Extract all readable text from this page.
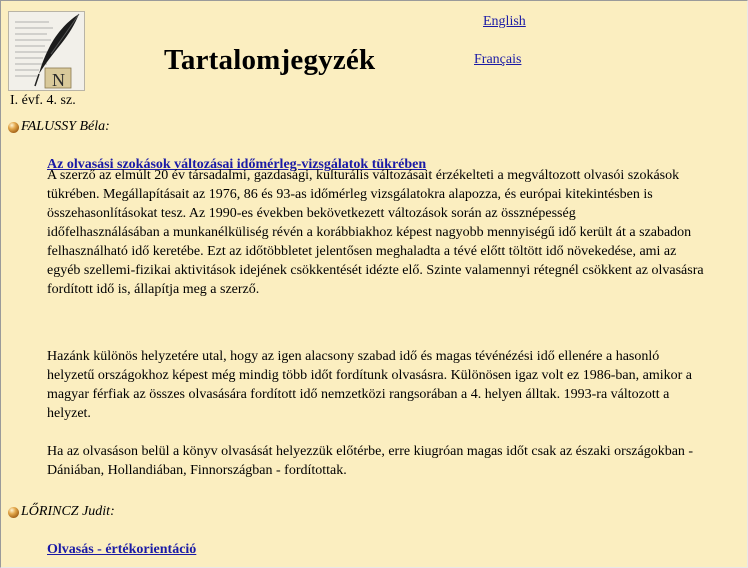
N
Tartalomjegyzék
English
Français
I. évf. 4. sz.
FALUSSY Béla:
Az olvasási szokások változásai időmérleg-vizsgálatok tükrében

A szerző az elmúlt 20 év társadalmi, gazdasági, kulturális változásait érzékelteti a megváltozott olvasói szokások
tükrében. Megállapításait az 1976, 86 és 93-as időmérleg vizsgálatokra alapozza, és európai kitekintésben is
összehasonlításokat tesz. Az 1990-es években bekövetkezett változások során az össznépesség
időfelhasználásában a munkanélküliség révén a korábbiakhoz képest nagyobb mennyiségű idő került át a szabadon
felhasználható idő keretébe. Ezt az időtöbbletet jelentősen meghaladta a tévé előtt töltött idő növekedése, ami az
egyéb szellemi-fizikai aktivitások idejének csökkentését idézte elő. Szinte valamennyi rétegnél csökkent az olvasásra
fordított idő is, állapítja meg a szerző.

Hazánk különös helyzetére utal, hogy az igen alacsony szabad idő és magas tévénézési idő ellenére a hasonló
helyzetű országokhoz képest még mindig több időt fordítunk olvasásra. Különösen igaz volt ez 1986-ban, amikor a
magyar férfiak az összes olvasására fordított idő nemzetközi rangsorában a 4. helyen álltak. 1993-ra változott a
helyzet.

Ha az olvasáson belül a könyv olvasását helyezzük előtérbe, erre kiugróan magas időt csak az északi országokban -
Dániában, Hollandiában, Finnországban - fordítottak.

LŐRINCZ Judit:
Olvasás - értékorientáció
